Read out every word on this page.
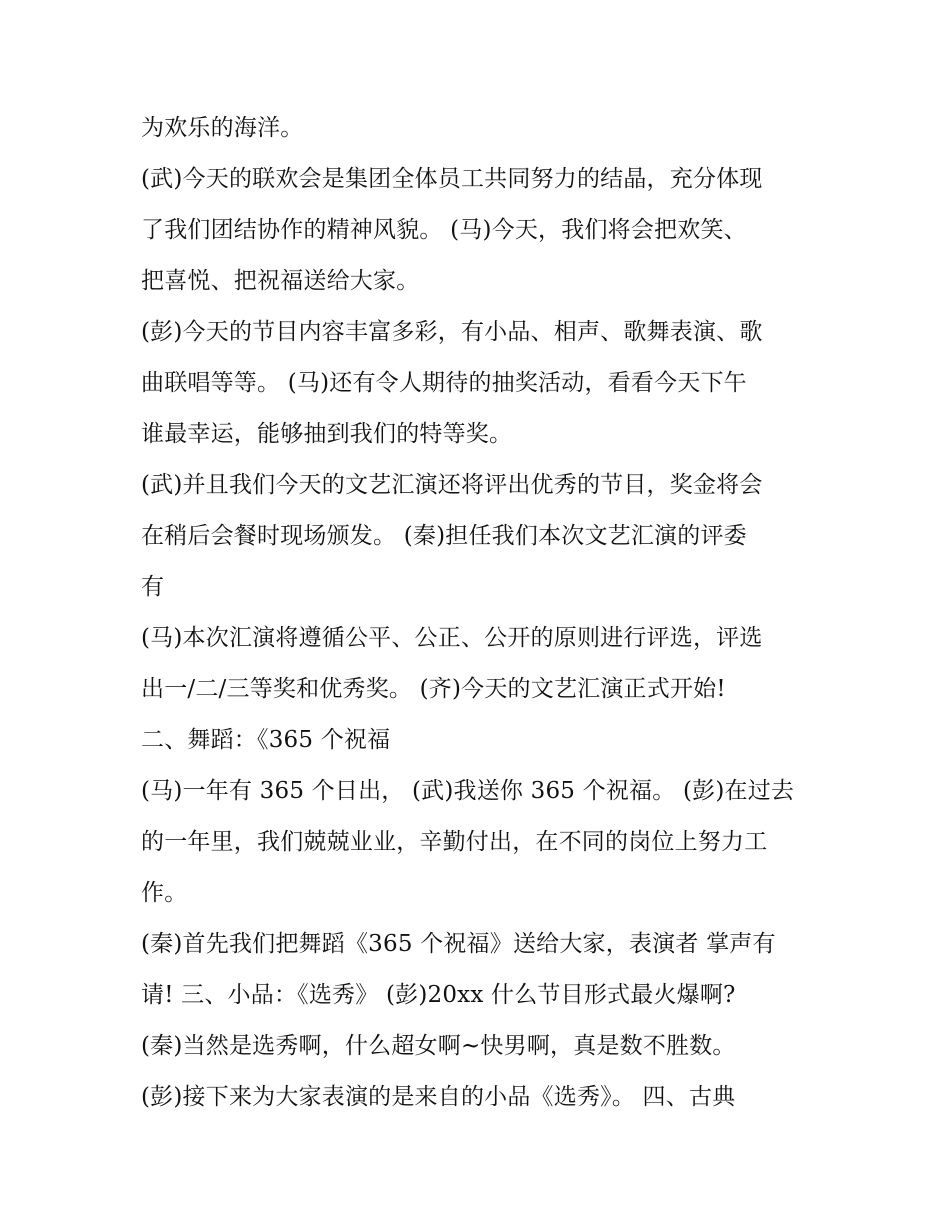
为欢乐的海洋。
(武)今天的联欢会是集团全体员工共同努力的结晶，充分体现
了我们团结协作的精神风貌。 (马)今天，我们将会把欢笑、
把喜悦、把祝福送给大家。
(彭)今天的节目内容丰富多彩，有小品、相声、歌舞表演、歌
曲联唱等等。 (马)还有令人期待的抽奖活动，看看今天下午
谁最幸运，能够抽到我们的特等奖。
(武)并且我们今天的文艺汇演还将评出优秀的节目，奖金将会
在稍后会餐时现场颁发。 (秦)担任我们本次文艺汇演的评委
有
(马)本次汇演将遵循公平、公正、公开的原则进行评选，评选
出一/二/三等奖和优秀奖。 (齐)今天的文艺汇演正式开始!
二、舞蹈：《365 个祝福
(马)一年有 365 个日出， (武)我送你 365 个祝福。 (彭)在过去
的一年里，我们兢兢业业，辛勤付出，在不同的岗位上努力工
作。
(秦)首先我们把舞蹈《365 个祝福》送给大家，表演者 掌声有
请! 三、小品：《选秀》 (彭)20xx 什么节目形式最火爆啊?
(秦)当然是选秀啊，什么超女啊~快男啊，真是数不胜数。
(彭)接下来为大家表演的是来自的小品《选秀》。 四、古典
